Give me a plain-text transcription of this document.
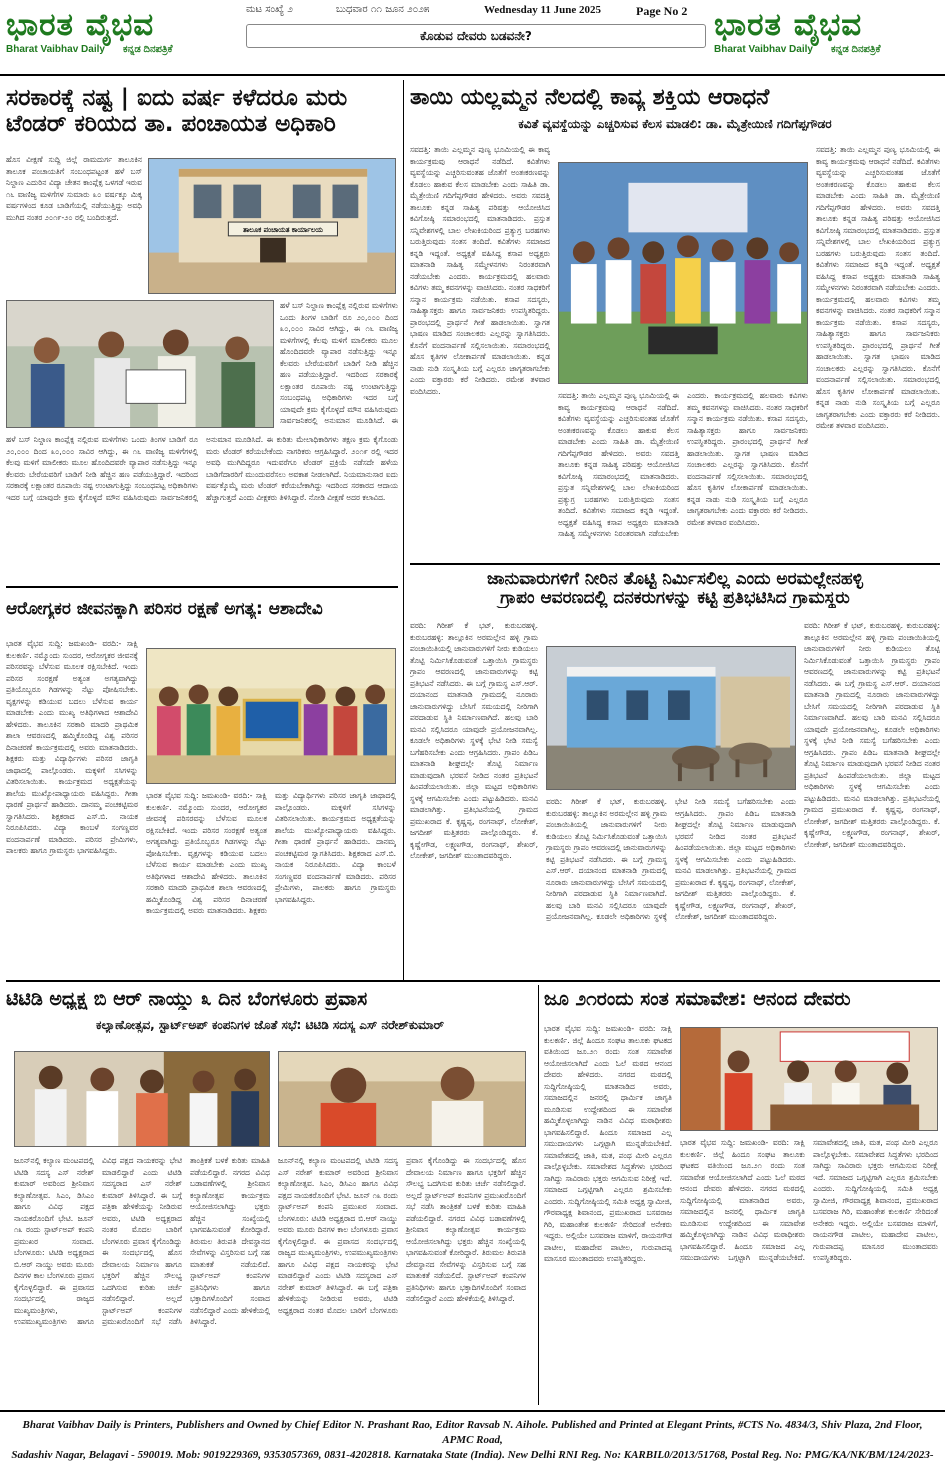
ಭಾರತ ವೈಭವ
Bharat Vaibhav Daily ಕನ್ನಡ ದಿನಪತ್ರಿಕೆ
ಮಟ ಸಂಖ್ಯೆ ೨	ಬುಧವಾರ ೧೧ ಜೂನ ೨೦೨೫	Wednesday 11 June 2025	Page No 2
ಕೊಡುವ ದೇವರು ಬಡವನೇ?	ಭಾರತ ವೈಭವ
Bharat Vaibhav Daily ಕನ್ನಡ ದಿನಪತ್ರಿಕೆ
ಸರಕಾರಕ್ಕೆ ನಷ್ಟ | ಐದು ವರ್ಷ ಕಳೆದರೂ ಮರು
ಟೆಂಡರ್ ಕರಿಯದ ತಾ. ಪಂಚಾಯತ ಅಧಿಕಾರಿ
ಹೊಸ ವೀಕ್ಷಣೆ ಸುದ್ದಿ ಜಿಲ್ಲೆ ರಾಮದುರ್ಗ ತಾಲೂಕಿನ ತಾಲೂಕ ಪಂಚಾಯತಿಗೆ ಸಂಬಂಧಪಟ್ಟಂತ ಹಳೆ ಬಸ್ ನಿಲ್ದಾಣ ಎದುರಿನ ವಿದ್ಯಾ ಚೇತನ ಕಾಂಪ್ಲೆಕ್ಸ ಒಳಗಡೆ ಇರುವ ೧೬ ವಾಣಿಜ್ಯ ಮಳಿಗೆಗಳ ಸುಮಾರು ೩೦ ವರ್ಷಕ್ಕೂ ಮಿಕ್ಕ ವರ್ಷಗಳಿಂದ ಕೂಡ ಬಾಡಿಗೆಯಲ್ಲಿ ನಡೆಯುತ್ತಿದ್ದು ಅವಧಿ ಮುಗಿದ ನಂತರ ೨೦೧೯-೨೦ ರಲ್ಲಿ ಬಂದಿರುತ್ತದೆ.
ತಾಲೂಕ ಪಂಚಾಯತ ಕಾರ್ಯಾಲಯ
ಹಳೆ ಬಸ್ ನಿಲ್ದಾಣ ಕಾಂಪ್ಲೆಕ್ಸ ನಲ್ಲಿರುವ ಮಳಿಗೆಗಳು ಒಂದು ತಿಂಗಳ ಬಾಡಿಗೆ ರೂ ೨೦,೦೦೦ ದಿಂದ ೩೦,೦೦೦ ಸಾವಿರ ಆಗಿದ್ದು, ಈ ೧೬ ವಾಣಿಜ್ಯ ಮಳಿಗೆಗಳಲ್ಲಿ ಕೆಲವು ಮಳಿಗೆ ಮಾಲೀಕರು ಮೂಲ ಹೊಂದಿದವರೇ ವ್ಯಾಪಾರ ನಡೆಸುತ್ತಿದ್ದು ಇನ್ನೂ ಕೆಲವರು ಬೇರೆಯವರಿಗೆ ಬಾಡಿಗೆ ನೀಡಿ ಹೆಚ್ಚಿನ ಹಣ ಪಡೆಯುತ್ತಿದ್ದಾರೆ. ಇದರಿಂದ ಸರಕಾರಕ್ಕೆ ಲಕ್ಷಾಂತರ ರೂಪಾಯಿ ನಷ್ಟ ಉಂಟಾಗುತ್ತಿದ್ದು ಸಂಬಂಧಪಟ್ಟ ಅಧಿಕಾರಿಗಳು ಇದರ ಬಗ್ಗೆ ಯಾವುದೇ ಕ್ರಮ ಕೈಗೊಳ್ಳದೆ ಮೌನ ವಹಿಸಿರುವುದು ಸಾರ್ವಜನಿಕರಲ್ಲಿ ಅನುಮಾನ ಮೂಡಿಸಿದೆ. ಈ ಕುರಿತು ಮೇಲಾಧಿಕಾರಿಗಳು ತಕ್ಷಣ ಕ್ರಮ ಕೈಗೊಂಡು ಮರು ಟೆಂಡರ್ ಕರೆಯಬೇಕೆಂದು ನಾಗರಿಕರು ಆಗ್ರಹಿಸಿದ್ದಾರೆ. ೨೦೧೯ ರಲ್ಲಿ ಇದರ ಅವಧಿ ಮುಗಿದಿದ್ದರೂ ಇದುವರೆಗೂ ಟೆಂಡರ್ ಪ್ರಕ್ರಿಯೆ ನಡೆಸದೇ ಹಳೆಯ ಬಾಡಿಗೆದಾರರಿಗೆ ಮುಂದುವರೆಸಲು ಅವಕಾಶ ನೀಡಲಾಗಿದೆ. ನಿಯಮಾನುಸಾರ ಐದು ವರ್ಷಕ್ಕೊಮ್ಮೆ ಮರು ಟೆಂಡರ್ ಕರೆಯಬೇಕಾಗಿದ್ದು ಇದರಿಂದ ಸರಕಾರದ ಆದಾಯ ಹೆಚ್ಚಾಗುತ್ತದೆ ಎಂದು ವೀಕ್ಷಕರು ತಿಳಿಸಿದ್ದಾರೆ. ನೋಡಿ ವೀಕ್ಷಣೆ ಅದರ ಕಲಾವಿದ.
ಹಳೆ ಬಸ್ ನಿಲ್ದಾಣ ಕಾಂಪ್ಲೆಕ್ಸ ನಲ್ಲಿರುವ ಮಳಿಗೆಗಳು ಒಂದು ತಿಂಗಳ ಬಾಡಿಗೆ ರೂ ೨೦,೦೦೦ ದಿಂದ ೩೦,೦೦೦ ಸಾವಿರ ಆಗಿದ್ದು, ಈ ೧೬ ವಾಣಿಜ್ಯ ಮಳಿಗೆಗಳಲ್ಲಿ ಕೆಲವು ಮಳಿಗೆ ಮಾಲೀಕರು ಮೂಲ ಹೊಂದಿದವರೇ ವ್ಯಾಪಾರ ನಡೆಸುತ್ತಿದ್ದು ಇನ್ನೂ ಕೆಲವರು ಬೇರೆಯವರಿಗೆ ಬಾಡಿಗೆ ನೀಡಿ ಹೆಚ್ಚಿನ ಹಣ ಪಡೆಯುತ್ತಿದ್ದಾರೆ. ಇದರಿಂದ ಸರಕಾರಕ್ಕೆ ಲಕ್ಷಾಂತರ ರೂಪಾಯಿ ನಷ್ಟ ಉಂಟಾಗುತ್ತಿದ್ದು ಸಂಬಂಧಪಟ್ಟ ಅಧಿಕಾರಿಗಳು ಇದರ ಬಗ್ಗೆ ಯಾವುದೇ ಕ್ರಮ ಕೈಗೊಳ್ಳದೆ ಮೌನ ವಹಿಸಿರುವುದು ಸಾರ್ವಜನಿಕರಲ್ಲಿ ಅನುಮಾನ ಮೂಡಿಸಿದೆ. ಈ
ತಾಯಿ ಯಲ್ಲಮ್ಮನ ನೆಲದಲ್ಲಿ ಕಾವ್ಯ ಶಕ್ತಿಯ ಆರಾಧನೆ
ಕವಿತೆ ವ್ಯವಸ್ಥೆಯನ್ನು ಎಚ್ಚರಿಸುವ ಕೆಲಸ ಮಾಡಲಿ: ಡಾ. ಮೈತ್ರೇಯಿಣಿ ಗದಿಗೆಪ್ಪಗೌಡರ
ಸವದತ್ತಿ: ತಾಯಿ ಎಲ್ಲಮ್ಮನ ಪುಣ್ಯ ಭೂಮಿಯಲ್ಲಿ ಈ ಕಾವ್ಯ ಕಾರ್ಯಕ್ರಮವು ಆರಾಧನೆ ನಡೆದಿದೆ. ಕವಿತೆಗಳು ವ್ಯವಸ್ಥೆಯನ್ನು ಎಚ್ಚರಿಸುವಂತಹ ಜೊತೆಗೆ ಅಂತಃಕರಣವನ್ನು ಕೊಡಲು ಹಾಕುವ ಕೆಲಸ ಮಾಡಬೇಕು ಎಂದು ಸಾಹಿತಿ ಡಾ. ಮೈತ್ರೇಯಿಣಿ ಗದಿಗೆಪ್ಪಗೌಡರ ಹೇಳಿದರು. ಅವರು ಸವದತ್ತಿ ತಾಲೂಕು ಕನ್ನಡ ಸಾಹಿತ್ಯ ಪರಿಷತ್ತು ಆಯೋಜಿಸಿದ ಕವಿಗೋಷ್ಠಿ ಸಮಾರಂಭದಲ್ಲಿ ಮಾತನಾಡಿದರು. ಪ್ರಸ್ತುತ ಸನ್ನಿವೇಶಗಳಲ್ಲಿ ಬಾಲ ಲೇಖಕಿಯರಿಂದ ಪ್ರತ್ಯುಗ್ರ ಬರಹಗಳು ಬರುತ್ತಿರುವುದು ಸಂತಸ ತಂದಿದೆ. ಕವಿತೆಗಳು ಸಮಾಜದ ಕನ್ನಡಿ ಇದ್ದಂತೆ. ಅಧ್ಯಕ್ಷತೆ ವಹಿಸಿದ್ದ ಕಸಾಪ ಅಧ್ಯಕ್ಷರು ಮಾತನಾಡಿ ಸಾಹಿತ್ಯ ಸಮ್ಮೇಳನಗಳು ನಿರಂತರವಾಗಿ ನಡೆಯಬೇಕು ಎಂದರು. ಕಾರ್ಯಕ್ರಮದಲ್ಲಿ ಹಲವಾರು ಕವಿಗಳು ತಮ್ಮ ಕವನಗಳನ್ನು ವಾಚಿಸಿದರು. ನಂತರ ಸಾಧಕರಿಗೆ ಸನ್ಮಾನ ಕಾರ್ಯಕ್ರಮ ನಡೆಯಿತು. ಕಸಾಪ ಸದಸ್ಯರು, ಸಾಹಿತ್ಯಾಸಕ್ತರು ಹಾಗೂ ಸಾರ್ವಜನಿಕರು ಉಪಸ್ಥಿತರಿದ್ದರು. ಪ್ರಾರಂಭದಲ್ಲಿ ಪ್ರಾರ್ಥನೆ ಗೀತೆ ಹಾಡಲಾಯಿತು. ಸ್ವಾಗತ ಭಾಷಣ ಮಾಡಿದ ಸಂಚಾಲಕರು ಎಲ್ಲರನ್ನು ಸ್ವಾಗತಿಸಿದರು. ಕೊನೆಗೆ ವಂದನಾರ್ಪಣೆ ಸಲ್ಲಿಸಲಾಯಿತು. ಸಮಾರಂಭದಲ್ಲಿ ಹೊಸ ಕೃತಿಗಳ ಲೋಕಾರ್ಪಣೆ ಮಾಡಲಾಯಿತು. ಕನ್ನಡ ನಾಡು ನುಡಿ ಸಂಸ್ಕೃತಿಯ ಬಗ್ಗೆ ಎಲ್ಲರೂ ಜಾಗೃತರಾಗಬೇಕು ಎಂದು ವಕ್ತಾರರು ಕರೆ ನೀಡಿದರು. ರಮೇಶ ತಳವಾರ ವಂದಿಸಿದರು.
ಸವದತ್ತಿ: ತಾಯಿ ಎಲ್ಲಮ್ಮನ ಪುಣ್ಯ ಭೂಮಿಯಲ್ಲಿ ಈ ಕಾವ್ಯ ಕಾರ್ಯಕ್ರಮವು ಆರಾಧನೆ ನಡೆದಿದೆ. ಕವಿತೆಗಳು ವ್ಯವಸ್ಥೆಯನ್ನು ಎಚ್ಚರಿಸುವಂತಹ ಜೊತೆಗೆ ಅಂತಃಕರಣವನ್ನು ಕೊಡಲು ಹಾಕುವ ಕೆಲಸ ಮಾಡಬೇಕು ಎಂದು ಸಾಹಿತಿ ಡಾ. ಮೈತ್ರೇಯಿಣಿ ಗದಿಗೆಪ್ಪಗೌಡರ ಹೇಳಿದರು. ಅವರು ಸವದತ್ತಿ ತಾಲೂಕು ಕನ್ನಡ ಸಾಹಿತ್ಯ ಪರಿಷತ್ತು ಆಯೋಜಿಸಿದ ಕವಿಗೋಷ್ಠಿ ಸಮಾರಂಭದಲ್ಲಿ ಮಾತನಾಡಿದರು. ಪ್ರಸ್ತುತ ಸನ್ನಿವೇಶಗಳಲ್ಲಿ ಬಾಲ ಲೇಖಕಿಯರಿಂದ ಪ್ರತ್ಯುಗ್ರ ಬರಹಗಳು ಬರುತ್ತಿರುವುದು ಸಂತಸ ತಂದಿದೆ. ಕವಿತೆಗಳು ಸಮಾಜದ ಕನ್ನಡಿ ಇದ್ದಂತೆ. ಅಧ್ಯಕ್ಷತೆ ವಹಿಸಿದ್ದ ಕಸಾಪ ಅಧ್ಯಕ್ಷರು ಮಾತನಾಡಿ ಸಾಹಿತ್ಯ ಸಮ್ಮೇಳನಗಳು ನಿರಂತರವಾಗಿ ನಡೆಯಬೇಕು ಎಂದರು. ಕಾರ್ಯಕ್ರಮದಲ್ಲಿ ಹಲವಾರು ಕವಿಗಳು ತಮ್ಮ ಕವನಗಳನ್ನು ವಾಚಿಸಿದರು. ನಂತರ ಸಾಧಕರಿಗೆ ಸನ್ಮಾನ ಕಾರ್ಯಕ್ರಮ ನಡೆಯಿತು. ಕಸಾಪ ಸದಸ್ಯರು, ಸಾಹಿತ್ಯಾಸಕ್ತರು ಹಾಗೂ ಸಾರ್ವಜನಿಕರು ಉಪಸ್ಥಿತರಿದ್ದರು. ಪ್ರಾರಂಭದಲ್ಲಿ ಪ್ರಾರ್ಥನೆ ಗೀತೆ ಹಾಡಲಾಯಿತು. ಸ್ವಾಗತ ಭಾಷಣ ಮಾಡಿದ ಸಂಚಾಲಕರು ಎಲ್ಲರನ್ನು ಸ್ವಾಗತಿಸಿದರು. ಕೊನೆಗೆ ವಂದನಾರ್ಪಣೆ ಸಲ್ಲಿಸಲಾಯಿತು. ಸಮಾರಂಭದಲ್ಲಿ ಹೊಸ ಕೃತಿಗಳ ಲೋಕಾರ್ಪಣೆ ಮಾಡಲಾಯಿತು. ಕನ್ನಡ ನಾಡು ನುಡಿ ಸಂಸ್ಕೃತಿಯ ಬಗ್ಗೆ ಎಲ್ಲರೂ ಜಾಗೃತರಾಗಬೇಕು ಎಂದು ವಕ್ತಾರರು ಕರೆ ನೀಡಿದರು. ರಮೇಶ ತಳವಾರ ವಂದಿಸಿದರು.
ಸವದತ್ತಿ: ತಾಯಿ ಎಲ್ಲಮ್ಮನ ಪುಣ್ಯ ಭೂಮಿಯಲ್ಲಿ ಈ ಕಾವ್ಯ ಕಾರ್ಯಕ್ರಮವು ಆರಾಧನೆ ನಡೆದಿದೆ. ಕವಿತೆಗಳು ವ್ಯವಸ್ಥೆಯನ್ನು ಎಚ್ಚರಿಸುವಂತಹ ಜೊತೆಗೆ ಅಂತಃಕರಣವನ್ನು ಕೊಡಲು ಹಾಕುವ ಕೆಲಸ ಮಾಡಬೇಕು ಎಂದು ಸಾಹಿತಿ ಡಾ. ಮೈತ್ರೇಯಿಣಿ ಗದಿಗೆಪ್ಪಗೌಡರ ಹೇಳಿದರು. ಅವರು ಸವದತ್ತಿ ತಾಲೂಕು ಕನ್ನಡ ಸಾಹಿತ್ಯ ಪರಿಷತ್ತು ಆಯೋಜಿಸಿದ ಕವಿಗೋಷ್ಠಿ ಸಮಾರಂಭದಲ್ಲಿ ಮಾತನಾಡಿದರು. ಪ್ರಸ್ತುತ ಸನ್ನಿವೇಶಗಳಲ್ಲಿ ಬಾಲ ಲೇಖಕಿಯರಿಂದ ಪ್ರತ್ಯುಗ್ರ ಬರಹಗಳು ಬರುತ್ತಿರುವುದು ಸಂತಸ ತಂದಿದೆ. ಕವಿತೆಗಳು ಸಮಾಜದ ಕನ್ನಡಿ ಇದ್ದಂತೆ. ಅಧ್ಯಕ್ಷತೆ ವಹಿಸಿದ್ದ ಕಸಾಪ ಅಧ್ಯಕ್ಷರು ಮಾತನಾಡಿ ಸಾಹಿತ್ಯ ಸಮ್ಮೇಳನಗಳು ನಿರಂತರವಾಗಿ ನಡೆಯಬೇಕು ಎಂದರು. ಕಾರ್ಯಕ್ರಮದಲ್ಲಿ ಹಲವಾರು ಕವಿಗಳು ತಮ್ಮ ಕವನಗಳನ್ನು ವಾಚಿಸಿದರು. ನಂತರ ಸಾಧಕರಿಗೆ ಸನ್ಮಾನ ಕಾರ್ಯಕ್ರಮ ನಡೆಯಿತು. ಕಸಾಪ ಸದಸ್ಯರು, ಸಾಹಿತ್ಯಾಸಕ್ತರು ಹಾಗೂ ಸಾರ್ವಜನಿಕರು ಉಪಸ್ಥಿತರಿದ್ದರು. ಪ್ರಾರಂಭದಲ್ಲಿ ಪ್ರಾರ್ಥನೆ ಗೀತೆ ಹಾಡಲಾಯಿತು. ಸ್ವಾಗತ ಭಾಷಣ ಮಾಡಿದ ಸಂಚಾಲಕರು ಎಲ್ಲರನ್ನು ಸ್ವಾಗತಿಸಿದರು. ಕೊನೆಗೆ ವಂದನಾರ್ಪಣೆ ಸಲ್ಲಿಸಲಾಯಿತು. ಸಮಾರಂಭದಲ್ಲಿ ಹೊಸ ಕೃತಿಗಳ ಲೋಕಾರ್ಪಣೆ ಮಾಡಲಾಯಿತು. ಕನ್ನಡ ನಾಡು ನುಡಿ ಸಂಸ್ಕೃತಿಯ ಬಗ್ಗೆ ಎಲ್ಲರೂ ಜಾಗೃತರಾಗಬೇಕು ಎಂದು ವಕ್ತಾರರು ಕರೆ ನೀಡಿದರು. ರಮೇಶ ತಳವಾರ ವಂದಿಸಿದರು.
ಜಾನುವಾರುಗಳಿಗೆ ನೀರಿನ ತೊಟ್ಟಿ ನಿರ್ಮಿಸಲಿಲ್ಲ ಎಂದು ಅರಮಲ್ಲೇನಹಳ್ಳಿ
ಗ್ರಾಪಂ ಆವರಣದಲ್ಲಿ ದನಕರುಗಳನ್ನು ಕಟ್ಟಿ ಪ್ರತಿಭಟಿಸಿದ ಗ್ರಾಮಸ್ಥರು
ವರದಿ: ಗಿರೀಶ್ ಕೆ ಭಟ್, ಕುರುಬರಹಳ್ಳಿ. ಕುರುಬರಹಳ್ಳಿ: ತಾಲ್ಲೂಕಿನ ಅರಮಲ್ಲೇನ ಹಳ್ಳಿ ಗ್ರಾಮ ಪಂಚಾಯಿತಿಯಲ್ಲಿ ಜಾನುವಾರುಗಳಿಗೆ ನೀರು ಕುಡಿಯಲು ತೊಟ್ಟಿ ನಿರ್ಮಿಸಿಕೊಡುವಂತೆ ಒತ್ತಾಯಿಸಿ ಗ್ರಾಮಸ್ಥರು ಗ್ರಾಪಂ ಆವರಣದಲ್ಲಿ ಜಾನುವಾರುಗಳನ್ನು ಕಟ್ಟಿ ಪ್ರತಿಭಟನೆ ನಡೆಸಿದರು. ಈ ಬಗ್ಗೆ ಗ್ರಾಮಸ್ಥ ಎಸ್.ಆರ್. ದಯಾನಂದ ಮಾತನಾಡಿ ಗ್ರಾಮದಲ್ಲಿ ನೂರಾರು ಜಾನುವಾರುಗಳಿದ್ದು ಬೇಸಿಗೆ ಸಮಯದಲ್ಲಿ ನೀರಿಗಾಗಿ ಪರದಾಡುವ ಸ್ಥಿತಿ ನಿರ್ಮಾಣವಾಗಿದೆ. ಹಲವು ಬಾರಿ ಮನವಿ ಸಲ್ಲಿಸಿದರೂ ಯಾವುದೇ ಪ್ರಯೋಜನವಾಗಿಲ್ಲ. ಕೂಡಲೇ ಅಧಿಕಾರಿಗಳು ಸ್ಥಳಕ್ಕೆ ಭೇಟಿ ನೀಡಿ ಸಮಸ್ಯೆ ಬಗೆಹರಿಸಬೇಕು ಎಂದು ಆಗ್ರಹಿಸಿದರು. ಗ್ರಾಪಂ ಪಿಡಿಒ ಮಾತನಾಡಿ ಶೀಘ್ರದಲ್ಲೇ ತೊಟ್ಟಿ ನಿರ್ಮಾಣ ಮಾಡುವುದಾಗಿ ಭರವಸೆ ನೀಡಿದ ನಂತರ ಪ್ರತಿಭಟನೆ ಹಿಂಪಡೆಯಲಾಯಿತು. ಜಿಲ್ಲಾ ಮಟ್ಟದ ಅಧಿಕಾರಿಗಳು ಸ್ಥಳಕ್ಕೆ ಆಗಮಿಸಬೇಕು ಎಂದು ಪಟ್ಟುಹಿಡಿದರು. ಮನವಿ ಮಾಡಲಾಗಿತ್ತು. ಪ್ರತಿಭಟನೆಯಲ್ಲಿ ಗ್ರಾಮದ ಪ್ರಮುಖರಾದ ಕೆ. ಕೃಷ್ಣಪ್ಪ, ರಂಗನಾಥ್, ಲೋಕೇಶ್, ಜಗದೀಶ್ ಮತ್ತಿತರರು ಪಾಲ್ಗೊಂಡಿದ್ದರು. ಕೆ. ಕೃಷ್ಣೇಗೌಡ, ಲಕ್ಷ್ಮಣಗೌಡ, ರಂಗನಾಥ್, ಶೇಖರ್, ಲೋಕೇಶ್, ಜಗದೀಶ್ ಮುಂತಾದವರಿದ್ದರು.
ವರದಿ: ಗಿರೀಶ್ ಕೆ ಭಟ್, ಕುರುಬರಹಳ್ಳಿ. ಕುರುಬರಹಳ್ಳಿ: ತಾಲ್ಲೂಕಿನ ಅರಮಲ್ಲೇನ ಹಳ್ಳಿ ಗ್ರಾಮ ಪಂಚಾಯಿತಿಯಲ್ಲಿ ಜಾನುವಾರುಗಳಿಗೆ ನೀರು ಕುಡಿಯಲು ತೊಟ್ಟಿ ನಿರ್ಮಿಸಿಕೊಡುವಂತೆ ಒತ್ತಾಯಿಸಿ ಗ್ರಾಮಸ್ಥರು ಗ್ರಾಪಂ ಆವರಣದಲ್ಲಿ ಜಾನುವಾರುಗಳನ್ನು ಕಟ್ಟಿ ಪ್ರತಿಭಟನೆ ನಡೆಸಿದರು. ಈ ಬಗ್ಗೆ ಗ್ರಾಮಸ್ಥ ಎಸ್.ಆರ್. ದಯಾನಂದ ಮಾತನಾಡಿ ಗ್ರಾಮದಲ್ಲಿ ನೂರಾರು ಜಾನುವಾರುಗಳಿದ್ದು ಬೇಸಿಗೆ ಸಮಯದಲ್ಲಿ ನೀರಿಗಾಗಿ ಪರದಾಡುವ ಸ್ಥಿತಿ ನಿರ್ಮಾಣವಾಗಿದೆ. ಹಲವು ಬಾರಿ ಮನವಿ ಸಲ್ಲಿಸಿದರೂ ಯಾವುದೇ ಪ್ರಯೋಜನವಾಗಿಲ್ಲ. ಕೂಡಲೇ ಅಧಿಕಾರಿಗಳು ಸ್ಥಳಕ್ಕೆ ಭೇಟಿ ನೀಡಿ ಸಮಸ್ಯೆ ಬಗೆಹರಿಸಬೇಕು ಎಂದು ಆಗ್ರಹಿಸಿದರು. ಗ್ರಾಪಂ ಪಿಡಿಒ ಮಾತನಾಡಿ ಶೀಘ್ರದಲ್ಲೇ ತೊಟ್ಟಿ ನಿರ್ಮಾಣ ಮಾಡುವುದಾಗಿ ಭರವಸೆ ನೀಡಿದ ನಂತರ ಪ್ರತಿಭಟನೆ ಹಿಂಪಡೆಯಲಾಯಿತು. ಜಿಲ್ಲಾ ಮಟ್ಟದ ಅಧಿಕಾರಿಗಳು ಸ್ಥಳಕ್ಕೆ ಆಗಮಿಸಬೇಕು ಎಂದು ಪಟ್ಟುಹಿಡಿದರು. ಮನವಿ ಮಾಡಲಾಗಿತ್ತು. ಪ್ರತಿಭಟನೆಯಲ್ಲಿ ಗ್ರಾಮದ ಪ್ರಮುಖರಾದ ಕೆ. ಕೃಷ್ಣಪ್ಪ, ರಂಗನಾಥ್, ಲೋಕೇಶ್, ಜಗದೀಶ್ ಮತ್ತಿತರರು ಪಾಲ್ಗೊಂಡಿದ್ದರು. ಕೆ. ಕೃಷ್ಣೇಗೌಡ, ಲಕ್ಷ್ಮಣಗೌಡ, ರಂಗನಾಥ್, ಶೇಖರ್, ಲೋಕೇಶ್, ಜಗದೀಶ್ ಮುಂತಾದವರಿದ್ದರು.
ವರದಿ: ಗಿರೀಶ್ ಕೆ ಭಟ್, ಕುರುಬರಹಳ್ಳಿ. ಕುರುಬರಹಳ್ಳಿ: ತಾಲ್ಲೂಕಿನ ಅರಮಲ್ಲೇನ ಹಳ್ಳಿ ಗ್ರಾಮ ಪಂಚಾಯಿತಿಯಲ್ಲಿ ಜಾನುವಾರುಗಳಿಗೆ ನೀರು ಕುಡಿಯಲು ತೊಟ್ಟಿ ನಿರ್ಮಿಸಿಕೊಡುವಂತೆ ಒತ್ತಾಯಿಸಿ ಗ್ರಾಮಸ್ಥರು ಗ್ರಾಪಂ ಆವರಣದಲ್ಲಿ ಜಾನುವಾರುಗಳನ್ನು ಕಟ್ಟಿ ಪ್ರತಿಭಟನೆ ನಡೆಸಿದರು. ಈ ಬಗ್ಗೆ ಗ್ರಾಮಸ್ಥ ಎಸ್.ಆರ್. ದಯಾನಂದ ಮಾತನಾಡಿ ಗ್ರಾಮದಲ್ಲಿ ನೂರಾರು ಜಾನುವಾರುಗಳಿದ್ದು ಬೇಸಿಗೆ ಸಮಯದಲ್ಲಿ ನೀರಿಗಾಗಿ ಪರದಾಡುವ ಸ್ಥಿತಿ ನಿರ್ಮಾಣವಾಗಿದೆ. ಹಲವು ಬಾರಿ ಮನವಿ ಸಲ್ಲಿಸಿದರೂ ಯಾವುದೇ ಪ್ರಯೋಜನವಾಗಿಲ್ಲ. ಕೂಡಲೇ ಅಧಿಕಾರಿಗಳು ಸ್ಥಳಕ್ಕೆ ಭೇಟಿ ನೀಡಿ ಸಮಸ್ಯೆ ಬಗೆಹರಿಸಬೇಕು ಎಂದು ಆಗ್ರಹಿಸಿದರು. ಗ್ರಾಪಂ ಪಿಡಿಒ ಮಾತನಾಡಿ ಶೀಘ್ರದಲ್ಲೇ ತೊಟ್ಟಿ ನಿರ್ಮಾಣ ಮಾಡುವುದಾಗಿ ಭರವಸೆ ನೀಡಿದ ನಂತರ ಪ್ರತಿಭಟನೆ ಹಿಂಪಡೆಯಲಾಯಿತು. ಜಿಲ್ಲಾ ಮಟ್ಟದ ಅಧಿಕಾರಿಗಳು ಸ್ಥಳಕ್ಕೆ ಆಗಮಿಸಬೇಕು ಎಂದು ಪಟ್ಟುಹಿಡಿದರು. ಮನವಿ ಮಾಡಲಾಗಿತ್ತು. ಪ್ರತಿಭಟನೆಯಲ್ಲಿ ಗ್ರಾಮದ ಪ್ರಮುಖರಾದ ಕೆ. ಕೃಷ್ಣಪ್ಪ, ರಂಗನಾಥ್, ಲೋಕೇಶ್, ಜಗದೀಶ್ ಮತ್ತಿತರರು ಪಾಲ್ಗೊಂಡಿದ್ದರು. ಕೆ. ಕೃಷ್ಣೇಗೌಡ, ಲಕ್ಷ್ಮಣಗೌಡ, ರಂಗನಾಥ್, ಶೇಖರ್, ಲೋಕೇಶ್, ಜಗದೀಶ್ ಮುಂತಾದವರಿದ್ದರು.
ಆರೋಗ್ಯಕರ ಜೀವನಕ್ಕಾಗಿ ಪರಿಸರ ರಕ್ಷಣೆ ಅಗತ್ಯ: ಆಶಾದೇವಿ
ಭಾರತ ವೈಭವ ಸುದ್ದಿ: ಜಮಖಂಡಿ- ವರದಿ:- ಸಾಕ್ಷಿ ಕುಲಕರ್ಣಿ. ನಮ್ಮೊಂದು ಸುಂದರ, ಆರೋಗ್ಯಕರ ಜೀವನಕ್ಕೆ ಪರಿಸರವನ್ನು ಬೆಳೆಸುವ ಮೂಲಕ ರಕ್ಷಿಸಬೇಕಿದೆ. ಇಂದು ಪರಿಸರ ಸಂರಕ್ಷಣೆ ಅತ್ಯಂತ ಅಗತ್ಯವಾಗಿದ್ದು ಪ್ರತಿಯೊಬ್ಬರೂ ಗಿಡಗಳನ್ನು ನೆಟ್ಟು ಪೋಷಿಸಬೇಕು. ವೃಕ್ಷಗಳನ್ನು ಕಡಿಯುವ ಬದಲು ಬೆಳೆಸುವ ಕಾರ್ಯ ಮಾಡಬೇಕು ಎಂದು ಮುಖ್ಯ ಅತಿಥಿಗಳಾದ ಆಶಾದೇವಿ ಹೇಳಿದರು. ತಾಲೂಕಿನ ಸರಕಾರಿ ಮಾದರಿ ಪ್ರಾಥಮಿಕ ಶಾಲಾ ಆವರಣದಲ್ಲಿ ಹಮ್ಮಿಕೊಂಡಿದ್ದ ವಿಶ್ವ ಪರಿಸರ ದಿನಾಚರಣೆ ಕಾರ್ಯಕ್ರಮದಲ್ಲಿ ಅವರು ಮಾತನಾಡಿದರು. ಶಿಕ್ಷಕರು ಮತ್ತು ವಿದ್ಯಾರ್ಥಿಗಳು ಪರಿಸರ ಜಾಗೃತಿ ಜಾಥಾದಲ್ಲಿ ಪಾಲ್ಗೊಂಡರು. ಮಕ್ಕಳಿಗೆ ಸಸಿಗಳನ್ನು ವಿತರಿಸಲಾಯಿತು. ಕಾರ್ಯಕ್ರಮದ ಅಧ್ಯಕ್ಷತೆಯನ್ನು ಶಾಲೆಯ ಮುಖ್ಯೋಪಾಧ್ಯಾಯರು ವಹಿಸಿದ್ದರು. ಗೀತಾ ಧಾರಣೆ ಪ್ರಾರ್ಥನೆ ಹಾಡಿದರು. ದಾನಮ್ಮ ಪಂಚಕಟ್ಟಿಮಠ ಸ್ವಾಗತಿಸಿದರು. ಶಿಕ್ಷಕರಾದ ಎಸ್.ಬಿ. ನಾಯಕ ನಿರೂಪಿಸಿದರು. ವಿದ್ಯಾ ಕಾಂಬಳೆ ಸಂಗಣ್ಣವರ ವಂದನಾರ್ಪಣೆ ಮಾಡಿದರು. ಪರಿಸರ ಪ್ರೇಮಿಗಳು, ಪಾಲಕರು ಹಾಗೂ ಗ್ರಾಮಸ್ಥರು ಭಾಗವಹಿಸಿದ್ದರು.
ಭಾರತ ವೈಭವ ಸುದ್ದಿ: ಜಮಖಂಡಿ- ವರದಿ:- ಸಾಕ್ಷಿ ಕುಲಕರ್ಣಿ. ನಮ್ಮೊಂದು ಸುಂದರ, ಆರೋಗ್ಯಕರ ಜೀವನಕ್ಕೆ ಪರಿಸರವನ್ನು ಬೆಳೆಸುವ ಮೂಲಕ ರಕ್ಷಿಸಬೇಕಿದೆ. ಇಂದು ಪರಿಸರ ಸಂರಕ್ಷಣೆ ಅತ್ಯಂತ ಅಗತ್ಯವಾಗಿದ್ದು ಪ್ರತಿಯೊಬ್ಬರೂ ಗಿಡಗಳನ್ನು ನೆಟ್ಟು ಪೋಷಿಸಬೇಕು. ವೃಕ್ಷಗಳನ್ನು ಕಡಿಯುವ ಬದಲು ಬೆಳೆಸುವ ಕಾರ್ಯ ಮಾಡಬೇಕು ಎಂದು ಮುಖ್ಯ ಅತಿಥಿಗಳಾದ ಆಶಾದೇವಿ ಹೇಳಿದರು. ತಾಲೂಕಿನ ಸರಕಾರಿ ಮಾದರಿ ಪ್ರಾಥಮಿಕ ಶಾಲಾ ಆವರಣದಲ್ಲಿ ಹಮ್ಮಿಕೊಂಡಿದ್ದ ವಿಶ್ವ ಪರಿಸರ ದಿನಾಚರಣೆ ಕಾರ್ಯಕ್ರಮದಲ್ಲಿ ಅವರು ಮಾತನಾಡಿದರು. ಶಿಕ್ಷಕರು ಮತ್ತು ವಿದ್ಯಾರ್ಥಿಗಳು ಪರಿಸರ ಜಾಗೃತಿ ಜಾಥಾದಲ್ಲಿ ಪಾಲ್ಗೊಂಡರು. ಮಕ್ಕಳಿಗೆ ಸಸಿಗಳನ್ನು ವಿತರಿಸಲಾಯಿತು. ಕಾರ್ಯಕ್ರಮದ ಅಧ್ಯಕ್ಷತೆಯನ್ನು ಶಾಲೆಯ ಮುಖ್ಯೋಪಾಧ್ಯಾಯರು ವಹಿಸಿದ್ದರು. ಗೀತಾ ಧಾರಣೆ ಪ್ರಾರ್ಥನೆ ಹಾಡಿದರು. ದಾನಮ್ಮ ಪಂಚಕಟ್ಟಿಮಠ ಸ್ವಾಗತಿಸಿದರು. ಶಿಕ್ಷಕರಾದ ಎಸ್.ಬಿ. ನಾಯಕ ನಿರೂಪಿಸಿದರು. ವಿದ್ಯಾ ಕಾಂಬಳೆ ಸಂಗಣ್ಣವರ ವಂದನಾರ್ಪಣೆ ಮಾಡಿದರು. ಪರಿಸರ ಪ್ರೇಮಿಗಳು, ಪಾಲಕರು ಹಾಗೂ ಗ್ರಾಮಸ್ಥರು ಭಾಗವಹಿಸಿದ್ದರು.
ಟಿಟಿಡಿ ಅಧ್ಯಕ್ಷ ಬಿ ಆರ್ ನಾಯ್ಡು ೩ ದಿನ ಬೆಂಗಳೂರು ಪ್ರವಾಸ
ಕಲ್ಯಾಣೋತ್ಸವ, ಸ್ಟಾರ್ಟ್ಅಪ್ ಕಂಪನಿಗಳ ಜೊತೆ ಸಭೆ: ಟಿಟಿಡಿ ಸದಸ್ಯ ಎಸ್ ನರೇಶ್‌ಕುಮಾರ್
ಜೂನ್‌ನಲ್ಲಿ ಕಲ್ಯಾಣ ಮಂಟಪದಲ್ಲಿ ಟಿಟಿಡಿ ಸದಸ್ಯ ಎಸ್ ನರೇಶ್ ಕುಮಾರ್ ಅವರಿಂದ ಶ್ರೀನಿವಾಸ ಕಲ್ಯಾಣೋತ್ಸವ. ಸಿಎಂ, ಡಿಸಿಎಂ ಹಾಗೂ ವಿವಿಧ ಪಕ್ಷದ ನಾಯಕರೊಂದಿಗೆ ಭೇಟಿ. ಜೂನ್ ೧೩ ರಂದು ಸ್ಟಾರ್ಟ್ಅಪ್ ಕಂಪನಿ ಪ್ರಮುಖರ ಸಂವಾದ. ಬೆಂಗಳೂರು: ಟಿಟಿಡಿ ಅಧ್ಯಕ್ಷರಾದ ಬಿ.ಆರ್ ನಾಯ್ಡು ಅವರು ಮೂರು ದಿನಗಳ ಕಾಲ ಬೆಂಗಳೂರು ಪ್ರವಾಸ ಕೈಗೊಳ್ಳಲಿದ್ದಾರೆ. ಈ ಪ್ರವಾಸದ ಸಂದರ್ಭದಲ್ಲಿ ರಾಜ್ಯದ ಮುಖ್ಯಮಂತ್ರಿಗಳು, ಉಪಮುಖ್ಯಮಂತ್ರಿಗಳು ಹಾಗೂ ವಿವಿಧ ಪಕ್ಷದ ನಾಯಕರನ್ನು ಭೇಟಿ ಮಾಡಲಿದ್ದಾರೆ ಎಂದು ಟಿಟಿಡಿ ಸದಸ್ಯರಾದ ಎಸ್ ನರೇಶ್ ಕುಮಾರ್ ತಿಳಿಸಿದ್ದಾರೆ. ಈ ಬಗ್ಗೆ ಪತ್ರಿಕಾ ಹೇಳಿಕೆಯನ್ನು ನೀಡಿರುವ ಅವರು, ಟಿಟಿಡಿ ಅಧ್ಯಕ್ಷರಾದ ನಂತರ ಮೊದಲ ಬಾರಿಗೆ ಬೆಂಗಳೂರು ಪ್ರವಾಸ ಕೈಗೊಂಡಿದ್ದು ಈ ಸಂದರ್ಭದಲ್ಲಿ ಹೊಸ ದೇವಾಲಯ ನಿರ್ಮಾಣ ಹಾಗೂ ಭಕ್ತರಿಗೆ ಹೆಚ್ಚಿನ ಸೌಲಭ್ಯ ಒದಗಿಸುವ ಕುರಿತು ಚರ್ಚೆ ನಡೆಸಲಿದ್ದಾರೆ. ಅಲ್ಲದೆ ಸ್ಟಾರ್ಟ್ಅಪ್ ಕಂಪನಿಗಳ ಪ್ರಮುಖರೊಂದಿಗೆ ಸಭೆ ನಡೆಸಿ ತಾಂತ್ರಿಕತೆ ಬಳಕೆ ಕುರಿತು ಮಾಹಿತಿ ಪಡೆಯಲಿದ್ದಾರೆ. ನಗರದ ವಿವಿಧ ಬಡಾವಣೆಗಳಲ್ಲಿ ಶ್ರೀನಿವಾಸ ಕಲ್ಯಾಣೋತ್ಸವ ಕಾರ್ಯಕ್ರಮ ಆಯೋಜಿಸಲಾಗಿದ್ದು ಭಕ್ತರು ಹೆಚ್ಚಿನ ಸಂಖ್ಯೆಯಲ್ಲಿ ಭಾಗವಹಿಸುವಂತೆ ಕೋರಿದ್ದಾರೆ. ತಿರುಮಲ ತಿರುಪತಿ ದೇವಸ್ಥಾನದ ಸೇವೆಗಳನ್ನು ವಿಸ್ತರಿಸುವ ಬಗ್ಗೆ ಸಹ ಮಾತುಕತೆ ನಡೆಯಲಿದೆ. ಸ್ಟಾರ್ಟ್ಅಪ್ ಕಂಪನಿಗಳ ಪ್ರತಿನಿಧಿಗಳು ಹಾಗೂ ಭಕ್ತಾದಿಗಳೊಂದಿಗೆ ಸಂವಾದ ನಡೆಸಲಿದ್ದಾರೆ ಎಂದು ಹೇಳಿಕೆಯಲ್ಲಿ ತಿಳಿಸಿದ್ದಾರೆ.
ಜೂನ್‌ನಲ್ಲಿ ಕಲ್ಯಾಣ ಮಂಟಪದಲ್ಲಿ ಟಿಟಿಡಿ ಸದಸ್ಯ ಎಸ್ ನರೇಶ್ ಕುಮಾರ್ ಅವರಿಂದ ಶ್ರೀನಿವಾಸ ಕಲ್ಯಾಣೋತ್ಸವ. ಸಿಎಂ, ಡಿಸಿಎಂ ಹಾಗೂ ವಿವಿಧ ಪಕ್ಷದ ನಾಯಕರೊಂದಿಗೆ ಭೇಟಿ. ಜೂನ್ ೧೩ ರಂದು ಸ್ಟಾರ್ಟ್ಅಪ್ ಕಂಪನಿ ಪ್ರಮುಖರ ಸಂವಾದ. ಬೆಂಗಳೂರು: ಟಿಟಿಡಿ ಅಧ್ಯಕ್ಷರಾದ ಬಿ.ಆರ್ ನಾಯ್ಡು ಅವರು ಮೂರು ದಿನಗಳ ಕಾಲ ಬೆಂಗಳೂರು ಪ್ರವಾಸ ಕೈಗೊಳ್ಳಲಿದ್ದಾರೆ. ಈ ಪ್ರವಾಸದ ಸಂದರ್ಭದಲ್ಲಿ ರಾಜ್ಯದ ಮುಖ್ಯಮಂತ್ರಿಗಳು, ಉಪಮುಖ್ಯಮಂತ್ರಿಗಳು ಹಾಗೂ ವಿವಿಧ ಪಕ್ಷದ ನಾಯಕರನ್ನು ಭೇಟಿ ಮಾಡಲಿದ್ದಾರೆ ಎಂದು ಟಿಟಿಡಿ ಸದಸ್ಯರಾದ ಎಸ್ ನರೇಶ್ ಕುಮಾರ್ ತಿಳಿಸಿದ್ದಾರೆ. ಈ ಬಗ್ಗೆ ಪತ್ರಿಕಾ ಹೇಳಿಕೆಯನ್ನು ನೀಡಿರುವ ಅವರು, ಟಿಟಿಡಿ ಅಧ್ಯಕ್ಷರಾದ ನಂತರ ಮೊದಲ ಬಾರಿಗೆ ಬೆಂಗಳೂರು ಪ್ರವಾಸ ಕೈಗೊಂಡಿದ್ದು ಈ ಸಂದರ್ಭದಲ್ಲಿ ಹೊಸ ದೇವಾಲಯ ನಿರ್ಮಾಣ ಹಾಗೂ ಭಕ್ತರಿಗೆ ಹೆಚ್ಚಿನ ಸೌಲಭ್ಯ ಒದಗಿಸುವ ಕುರಿತು ಚರ್ಚೆ ನಡೆಸಲಿದ್ದಾರೆ. ಅಲ್ಲದೆ ಸ್ಟಾರ್ಟ್ಅಪ್ ಕಂಪನಿಗಳ ಪ್ರಮುಖರೊಂದಿಗೆ ಸಭೆ ನಡೆಸಿ ತಾಂತ್ರಿಕತೆ ಬಳಕೆ ಕುರಿತು ಮಾಹಿತಿ ಪಡೆಯಲಿದ್ದಾರೆ. ನಗರದ ವಿವಿಧ ಬಡಾವಣೆಗಳಲ್ಲಿ ಶ್ರೀನಿವಾಸ ಕಲ್ಯಾಣೋತ್ಸವ ಕಾರ್ಯಕ್ರಮ ಆಯೋಜಿಸಲಾಗಿದ್ದು ಭಕ್ತರು ಹೆಚ್ಚಿನ ಸಂಖ್ಯೆಯಲ್ಲಿ ಭಾಗವಹಿಸುವಂತೆ ಕೋರಿದ್ದಾರೆ. ತಿರುಮಲ ತಿರುಪತಿ ದೇವಸ್ಥಾನದ ಸೇವೆಗಳನ್ನು ವಿಸ್ತರಿಸುವ ಬಗ್ಗೆ ಸಹ ಮಾತುಕತೆ ನಡೆಯಲಿದೆ. ಸ್ಟಾರ್ಟ್ಅಪ್ ಕಂಪನಿಗಳ ಪ್ರತಿನಿಧಿಗಳು ಹಾಗೂ ಭಕ್ತಾದಿಗಳೊಂದಿಗೆ ಸಂವಾದ ನಡೆಸಲಿದ್ದಾರೆ ಎಂದು ಹೇಳಿಕೆಯಲ್ಲಿ ತಿಳಿಸಿದ್ದಾರೆ.
ಜೂ ೨೧ರಂದು ಸಂತ ಸಮಾವೇಶ: ಆನಂದ ದೇವರು
ಭಾರತ ವೈಭವ ಸುದ್ದಿ: ಜಮಖಂಡಿ- ವರದಿ: ಸಾಕ್ಷಿ ಕುಲಕರ್ಣಿ. ಜಿಲ್ಲೆ ಹಿಂದೂ ಸಂಘಟ ತಾಲೂಕು ಘಟಕದ ವತಿಯಿಂದ ಜೂ.೨೧ ರಂದು ಸಂತ ಸಮಾವೇಶ ಆಯೋಜಿಸಲಾಗಿದೆ ಎಂದು ಓಲೆ ಮಠದ ಆನಂದ ದೇವರು ಹೇಳಿದರು. ನಗರದ ಮಠದಲ್ಲಿ ಸುದ್ದಿಗೋಷ್ಠಿಯಲ್ಲಿ ಮಾತನಾಡಿದ ಅವರು, ಸಮಾಜದಲ್ಲಿನ ಜನರಲ್ಲಿ ಧಾರ್ಮಿಕ ಜಾಗೃತಿ ಮೂಡಿಸುವ ಉದ್ದೇಶದಿಂದ ಈ ಸಮಾವೇಶ ಹಮ್ಮಿಕೊಳ್ಳಲಾಗಿದ್ದು ನಾಡಿನ ವಿವಿಧ ಮಠಾಧೀಶರು ಭಾಗವಹಿಸಲಿದ್ದಾರೆ. ಹಿಂದೂ ಸಮಾಜದ ಎಲ್ಲ ಸಮುದಾಯಗಳು ಒಗ್ಗಟ್ಟಾಗಿ ಮುನ್ನಡೆಯಬೇಕಿದೆ. ಸಮಾವೇಶದಲ್ಲಿ ಜಾತಿ, ಮತ, ಪಂಥ ಮೀರಿ ಎಲ್ಲರೂ ಪಾಲ್ಗೊಳ್ಳಬೇಕು. ಸಮಾವೇಶದ ಸಿದ್ಧತೆಗಳು ಭರದಿಂದ ಸಾಗಿದ್ದು ಸಾವಿರಾರು ಭಕ್ತರು ಆಗಮಿಸುವ ನಿರೀಕ್ಷೆ ಇದೆ. ಸಮಾಜದ ಒಗ್ಗಟ್ಟಿಗಾಗಿ ಎಲ್ಲರೂ ಶ್ರಮಿಸಬೇಕು ಎಂದರು. ಸುದ್ದಿಗೋಷ್ಠಿಯಲ್ಲಿ ಸಮಿತಿ ಅಧ್ಯಕ್ಷ ಸ್ವಾಮೀಜಿ, ಗೌರವಾಧ್ಯಕ್ಷ ಶಿವಾನಂದ, ಪ್ರಮುಖರಾದ ಬಸವರಾಜ ಗಿರಿ, ಮಹಾಂತೇಶ ಕುಲಕರ್ಣಿ ಸೇರಿದಂತೆ ಅನೇಕರು ಇದ್ದರು. ಅಲ್ಲಿಯೇ ಬಸವರಾಜ ಮಾಳಿಗೆ, ರಾಯನಗೌಡ ಪಾಟೀಲ, ಮಹಾದೇವ ಪಾಟೀಲ, ಗುರುಪಾದಪ್ಪ ಮಾಸೂರ ಮುಂತಾದವರು ಉಪಸ್ಥಿತರಿದ್ದರು.
ಭಾರತ ವೈಭವ ಸುದ್ದಿ: ಜಮಖಂಡಿ- ವರದಿ: ಸಾಕ್ಷಿ ಕುಲಕರ್ಣಿ. ಜಿಲ್ಲೆ ಹಿಂದೂ ಸಂಘಟ ತಾಲೂಕು ಘಟಕದ ವತಿಯಿಂದ ಜೂ.೨೧ ರಂದು ಸಂತ ಸಮಾವೇಶ ಆಯೋಜಿಸಲಾಗಿದೆ ಎಂದು ಓಲೆ ಮಠದ ಆನಂದ ದೇವರು ಹೇಳಿದರು. ನಗರದ ಮಠದಲ್ಲಿ ಸುದ್ದಿಗೋಷ್ಠಿಯಲ್ಲಿ ಮಾತನಾಡಿದ ಅವರು, ಸಮಾಜದಲ್ಲಿನ ಜನರಲ್ಲಿ ಧಾರ್ಮಿಕ ಜಾಗೃತಿ ಮೂಡಿಸುವ ಉದ್ದೇಶದಿಂದ ಈ ಸಮಾವೇಶ ಹಮ್ಮಿಕೊಳ್ಳಲಾಗಿದ್ದು ನಾಡಿನ ವಿವಿಧ ಮಠಾಧೀಶರು ಭಾಗವಹಿಸಲಿದ್ದಾರೆ. ಹಿಂದೂ ಸಮಾಜದ ಎಲ್ಲ ಸಮುದಾಯಗಳು ಒಗ್ಗಟ್ಟಾಗಿ ಮುನ್ನಡೆಯಬೇಕಿದೆ. ಸಮಾವೇಶದಲ್ಲಿ ಜಾತಿ, ಮತ, ಪಂಥ ಮೀರಿ ಎಲ್ಲರೂ ಪಾಲ್ಗೊಳ್ಳಬೇಕು. ಸಮಾವೇಶದ ಸಿದ್ಧತೆಗಳು ಭರದಿಂದ ಸಾಗಿದ್ದು ಸಾವಿರಾರು ಭಕ್ತರು ಆಗಮಿಸುವ ನಿರೀಕ್ಷೆ ಇದೆ. ಸಮಾಜದ ಒಗ್ಗಟ್ಟಿಗಾಗಿ ಎಲ್ಲರೂ ಶ್ರಮಿಸಬೇಕು ಎಂದರು. ಸುದ್ದಿಗೋಷ್ಠಿಯಲ್ಲಿ ಸಮಿತಿ ಅಧ್ಯಕ್ಷ ಸ್ವಾಮೀಜಿ, ಗೌರವಾಧ್ಯಕ್ಷ ಶಿವಾನಂದ, ಪ್ರಮುಖರಾದ ಬಸವರಾಜ ಗಿರಿ, ಮಹಾಂತೇಶ ಕುಲಕರ್ಣಿ ಸೇರಿದಂತೆ ಅನೇಕರು ಇದ್ದರು. ಅಲ್ಲಿಯೇ ಬಸವರಾಜ ಮಾಳಿಗೆ, ರಾಯನಗೌಡ ಪಾಟೀಲ, ಮಹಾದೇವ ಪಾಟೀಲ, ಗುರುಪಾದಪ್ಪ ಮಾಸೂರ ಮುಂತಾದವರು ಉಪಸ್ಥಿತರಿದ್ದರು.
Bharat Vaibhav Daily is Printers, Publishers and Owned by Chief Editor N. Prashant Rao, Editor Ravsab N. Aihole. Published and Printed at Elegant Prints, #CTS No. 4834/3, Shiv Plaza, 2nd Floor, APMC Road,
Sadashiv Nagar, Belagavi - 590019. Mob: 9019229369, 9353057369, 0831-4202818. Karnataka State (India). New Delhi RNI Reg. No: KARBIL0/2013/51768, Postal Reg. No: PMG/KA/NK/BM/124/2023-
